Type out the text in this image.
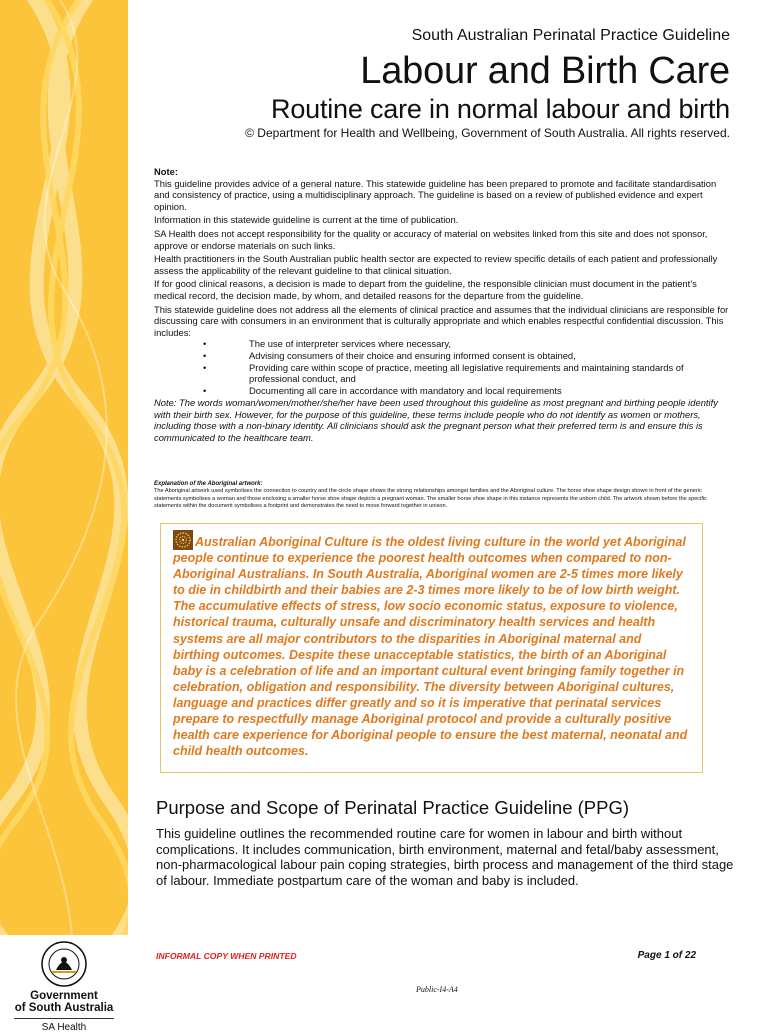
Government
of South Australia
SA Health
South Australian Perinatal Practice Guideline
Labour and Birth Care
Routine care in normal labour and birth
© Department for Health and Wellbeing, Government of South Australia. All rights reserved.

Note:

This guideline provides advice of a general nature. This statewide guideline has been prepared to promote and facilitate standardisation and consistency of practice, using a multidisciplinary approach. The guideline is based on a review of published evidence and expert opinion.

Information in this statewide guideline is current at the time of publication.

SA Health does not accept responsibility for the quality or accuracy of material on websites linked from this site and does not sponsor, approve or endorse materials on such links.

Health practitioners in the South Australian public health sector are expected to review specific details of each patient and professionally assess the applicability of the relevant guideline to that clinical situation.

If for good clinical reasons, a decision is made to depart from the guideline, the responsible clinician must document in the patient’s medical record, the decision made, by whom, and detailed reasons for the departure from the guideline.

This statewide guideline does not address all the elements of clinical practice and assumes that the individual clinicians are responsible for discussing care with consumers in an environment that is culturally appropriate and which enables respectful confidential discussion. This includes:

•	The use of interpreter services where necessary,
•	Advising consumers of their choice and ensuring informed consent is obtained,
•	Providing care within scope of practice, meeting all legislative requirements and maintaining standards of professional conduct, and
•	Documenting all care in accordance with mandatory and local requirements

Note: The words woman/women/mother/she/her have been used throughout this guideline as most pregnant and birthing people identify with their birth sex. However, for the purpose of this guideline, these terms include people who do not identify as women or mothers, including those with a non-binary identity. All clinicians should ask the pregnant person what their preferred term is and ensure this is communicated to the healthcare team.

Explanation of the Aboriginal artwork:
The Aboriginal artwork used symbolises the connection to country and the circle shape shows the strong relationships amongst families and the Aboriginal culture. The horse shoe shape design shown in front of the generic statements symbolises a woman and those enclosing a smaller horse shoe shape depicts a pregnant woman. The smaller horse shoe shape in this instance represents the unborn child. The artwork shown before the specific statements within the document symbolises a footprint and demonstrates the need to move forward together in unison.
Australian Aboriginal Culture is the oldest living culture in the world yet Aboriginal people continue to experience the poorest health outcomes when compared to non-Aboriginal Australians. In South Australia, Aboriginal women are 2-5 times more likely to die in childbirth and their babies are 2-3 times more likely to be of low birth weight. The accumulative effects of stress, low socio economic status, exposure to violence, historical trauma, culturally unsafe and discriminatory health services and health systems are all major contributors to the disparities in Aboriginal maternal and birthing outcomes. Despite these unacceptable statistics, the birth of an Aboriginal baby is a celebration of life and an important cultural event bringing family together in celebration, obligation and responsibility. The diversity between Aboriginal cultures, language and practices differ greatly and so it is imperative that perinatal services prepare to respectfully manage Aboriginal protocol and provide a culturally positive health care experience for Aboriginal people to ensure the best maternal, neonatal and child health outcomes.
Purpose and Scope of Perinatal Practice Guideline (PPG)
This guideline outlines the recommended routine care for women in labour and birth without complications. It includes communication, birth environment, maternal and fetal/baby assessment, non-pharmacological labour pain coping strategies, birth process and management of the third stage of labour. Immediate postpartum care of the woman and baby is included.
INFORMAL COPY WHEN PRINTED	Page 1 of 22
Public-I4-A4
